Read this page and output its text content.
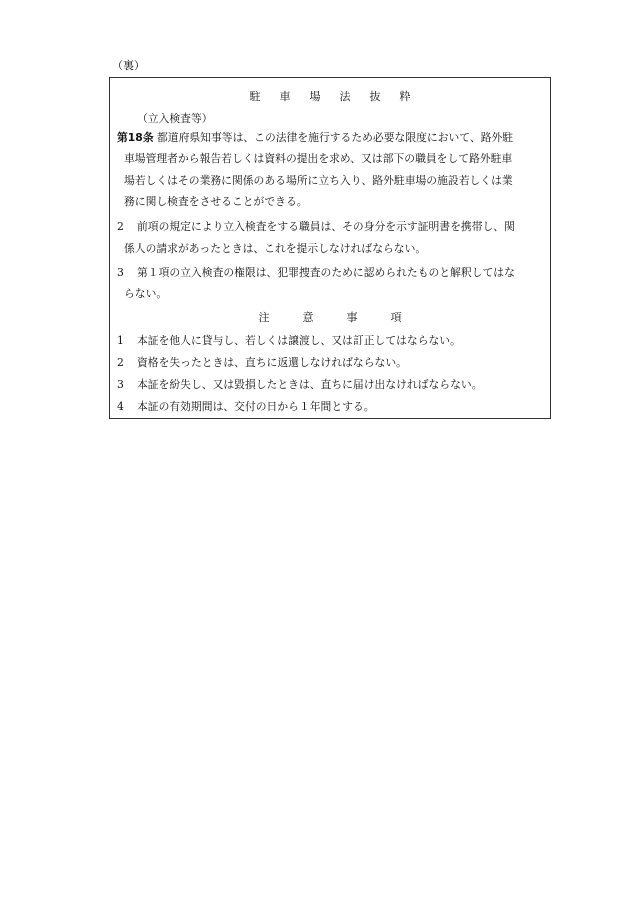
（裏）
駐 車 場 法 抜 粋
（立入検査等）
第18条 都道府県知事等は、この法律を施行するため必要な限度において、路外駐
車場管理者から報告若しくは資料の提出を求め、又は部下の職員をして路外駐車
場若しくはその業務に関係のある場所に立ち入り、路外駐車場の施設若しくは業
務に関し検査をさせることができる。
2 前項の規定により立入検査をする職員は、その身分を示す証明書を携帯し、関
係人の請求があったときは、これを提示しなければならない。
3 第１項の立入検査の権限は、犯罪捜査のために認められたものと解釈してはな
らない。
注	意	事	項
1 本証を他人に貸与し、若しくは譲渡し、又は訂正してはならない。
2 資格を失ったときは、直ちに返還しなければならない。
3 本証を紛失し、又は毀損したときは、直ちに届け出なければならない。
4 本証の有効期間は、交付の日から１年間とする。
